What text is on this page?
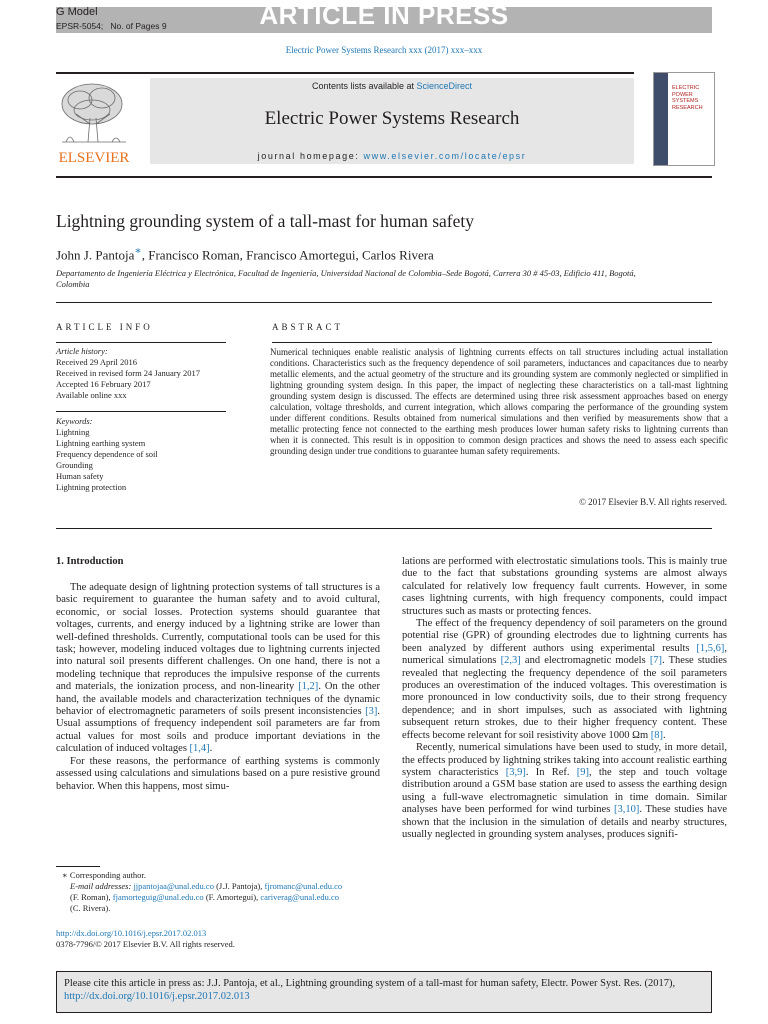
ARTICLE IN PRESS
G Model
EPSR-5054; No. of Pages 9
Electric Power Systems Research xxx (2017) xxx–xxx
Contents lists available at ScienceDirect
Electric Power Systems Research
journal homepage: www.elsevier.com/locate/epsr
ELSEVIER
ELECTRIC POWER SYSTEMS RESEARCH
Lightning grounding system of a tall-mast for human safety
John J. Pantoja∗, Francisco Roman, Francisco Amortegui, Carlos Rivera
Departamento de Ingeniería Eléctrica y Electrónica, Facultad de Ingeniería, Universidad Nacional de Colombia–Sede Bogotá, Carrera 30 # 45-03, Edificio 411, Bogotá, Colombia
ARTICLE INFO	ABSTRACT
Article history:
Received 29 April 2016
Received in revised form 24 January 2017
Accepted 16 February 2017
Available online xxx
Keywords:
Lightning
Lightning earthing system
Frequency dependence of soil
Grounding
Human safety
Lightning protection
Numerical techniques enable realistic analysis of lightning currents effects on tall structures including actual installation conditions. Characteristics such as the frequency dependence of soil parameters, inductances and capacitances due to nearby metallic elements, and the actual geometry of the structure and its grounding system are commonly neglected or simplified in lightning grounding system design. In this paper, the impact of neglecting these characteristics on a tall-mast lightning grounding system design is discussed. The effects are determined using three risk assessment approaches based on energy calculation, voltage thresholds, and current integration, which allows comparing the performance of the grounding system under different conditions. Results obtained from numerical simulations and then verified by measurements show that a metallic protecting fence not connected to the earthing mesh produces lower human safety risks to lightning currents than when it is connected. This result is in opposition to common design practices and shows the need to assess each specific grounding design under true conditions to guarantee human safety requirements.
© 2017 Elsevier B.V. All rights reserved.
1. Introduction

The adequate design of lightning protection systems of tall structures is a basic requirement to guarantee the human safety and to avoid cultural, economic, or social losses. Protection systems should guarantee that voltages, currents, and energy induced by a lightning strike are lower than well-defined thresholds. Currently, computational tools can be used for this task; however, modeling induced voltages due to lightning currents injected into natural soil presents different challenges. On one hand, there is not a modeling technique that reproduces the impulsive response of the currents and materials, the ionization process, and non-linearity [1,2]. On the other hand, the available models and characterization techniques of the dynamic behavior of electromagnetic parameters of soils present inconsistencies [3]. Usual assumptions of frequency independent soil parameters are far from actual values for most soils and produce important deviations in the calculation of induced voltages [1,4].

For these reasons, the performance of earthing systems is commonly assessed using calculations and simulations based on a pure resistive ground behavior. When this happens, most simu-

lations are performed with electrostatic simulations tools. This is mainly true due to the fact that substations grounding systems are almost always calculated for relatively low frequency fault currents. However, in some cases lightning currents, with high frequency components, could impact structures such as masts or protecting fences.

The effect of the frequency dependency of soil parameters on the ground potential rise (GPR) of grounding electrodes due to lightning currents has been analyzed by different authors using experimental results [1,5,6], numerical simulations [2,3] and electromagnetic models [7]. These studies revealed that neglecting the frequency dependence of the soil parameters produces an overestimation of the induced voltages. This overestimation is more pronounced in low conductivity soils, due to their strong frequency dependence; and in short impulses, such as associated with lightning subsequent return strokes, due to their higher frequency content. These effects become relevant for soil resistivity above 1000 Ωm [8].

Recently, numerical simulations have been used to study, in more detail, the effects produced by lightning strikes taking into account realistic earthing system characteristics [3,9]. In Ref. [9], the step and touch voltage distribution around a GSM base station are used to assess the earthing design using a full-wave electromagnetic simulation in time domain. Similar analyses have been performed for wind turbines [3,10]. These studies have shown that the inclusion in the simulation of details and nearby structures, usually neglected in grounding system analyses, produces signifi-

∗ Corresponding author.
E-mail addresses: jjpantojaa@unal.edu.co (J.J. Pantoja), fjromanc@unal.edu.co
(F. Roman), fjamorteguig@unal.edu.co (F. Amortegui), cariverag@unal.edu.co
(C. Rivera).
http://dx.doi.org/10.1016/j.epsr.2017.02.013
0378-7796/© 2017 Elsevier B.V. All rights reserved.
Please cite this article in press as: J.J. Pantoja, et al., Lightning grounding system of a tall-mast for human safety, Electr. Power Syst. Res. (2017), http://dx.doi.org/10.1016/j.epsr.2017.02.013
